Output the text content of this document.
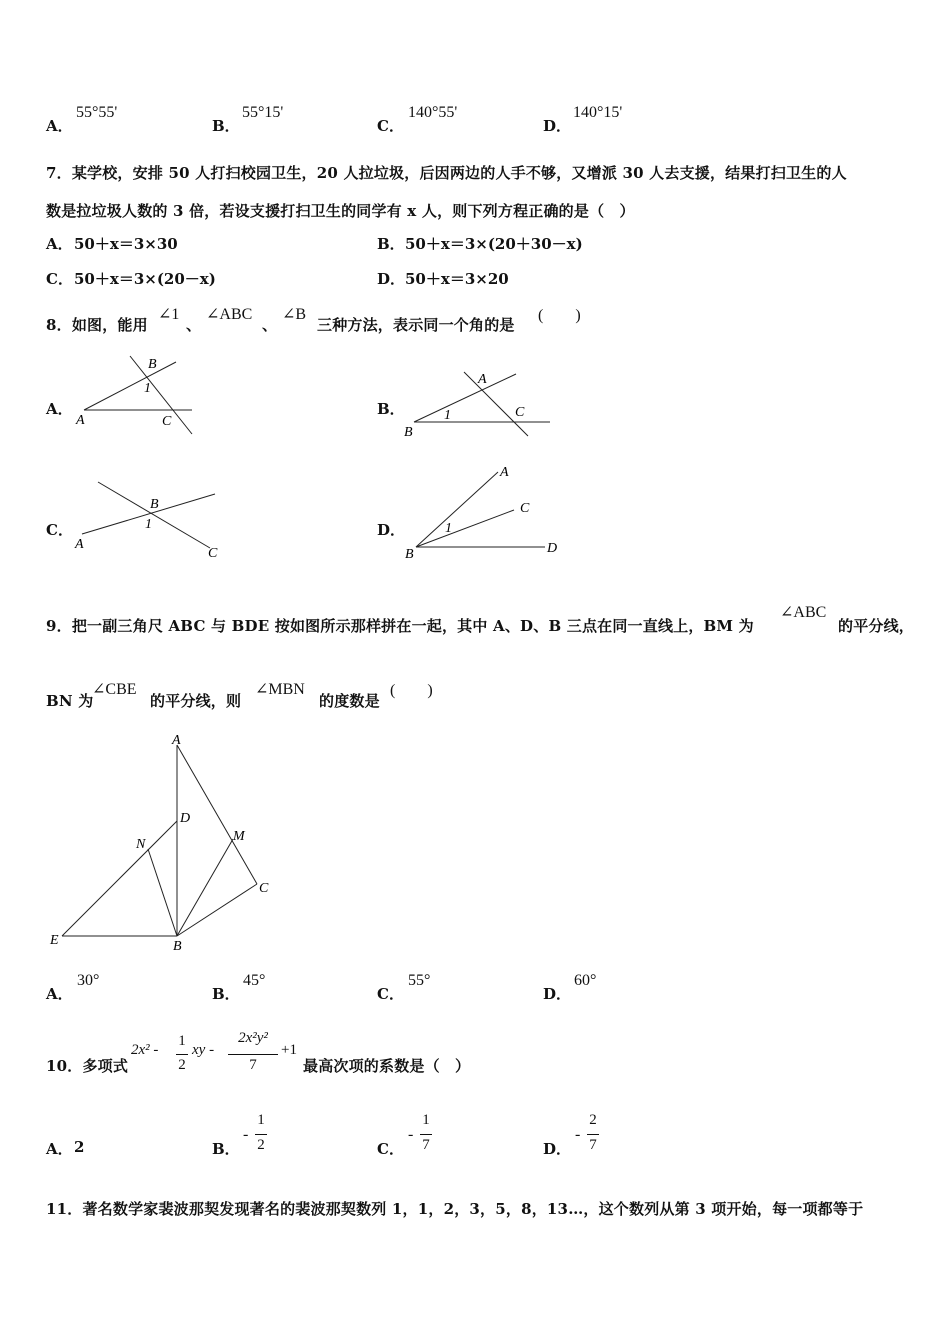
A．
55°55'
B．
55°15'
C．
140°55'
D．
140°15'
7．某学校，安排 50 人打扫校园卫生，20 人拉垃圾，后因两边的人手不够，又增派 30 人去支援，结果打扫卫生的人
数是拉垃圾人数的 3 倍，若设支援打扫卫生的同学有 x 人，则下列方程正确的是（　）
A． 50＋x＝3×30	B． 50＋x＝3×(20＋30－x)
C． 50＋x＝3×(20－x)	D． 50＋x＝3×20
8．如图，能用
∠1
、
∠ABC
、
∠B
三种方法，表示同一个角的是
(　　)
A．	B．
C．	D．
A
B
C
1
B
A
C
1
A
B
C
1
B
A
C
D
1
9．把一副三角尺 ABC 与 BDE 按如图所示那样拼在一起，其中 A、D、B 三点在同一直线上，BM 为
∠ABC
的平分线，
BN 为
∠CBE
的平分线，则
∠MBN
的度数是
(　　)
A
D
N
M
C
E	B
A．
30°
B．
45°
C．
55°
D．
60°
10．多项式
2x² -
1
2
xy -
2x²y²
7
+1
最高次项的系数是（　）
A． 2	B．
-
1
2	C．
-
1
7	D．
-
2
7
11．著名数学家裴波那契发现著名的裴波那契数列 1，1，2，3，5，8，13…，这个数列从第 3 项开始，每一项都等于
